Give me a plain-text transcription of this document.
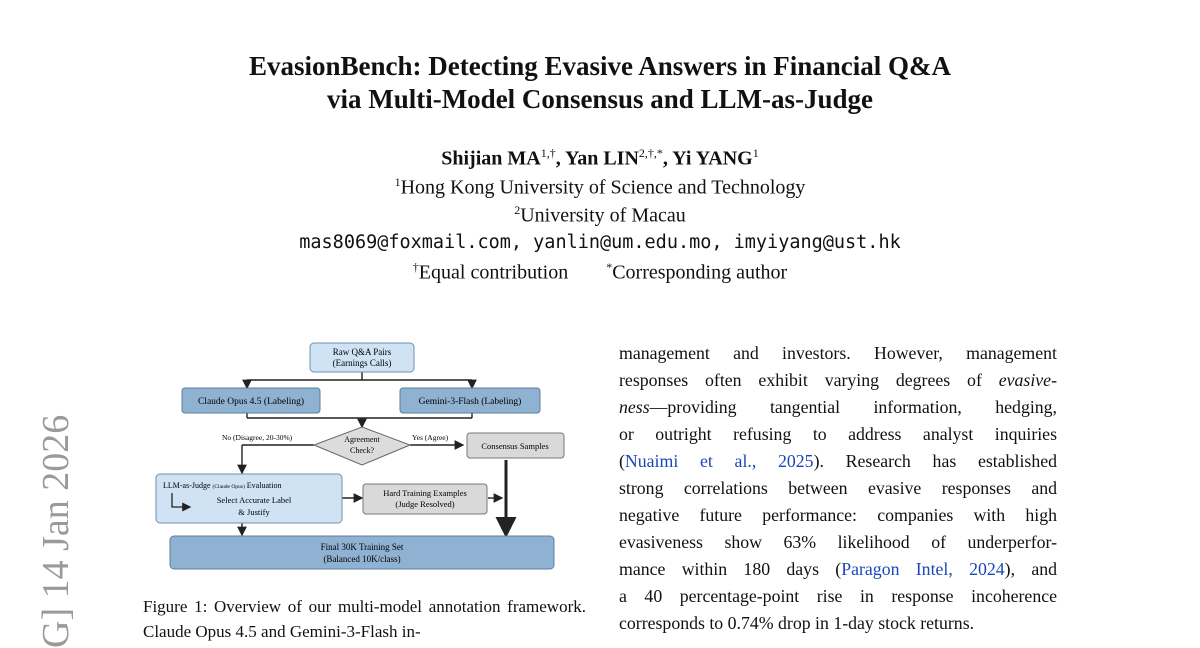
EvasionBench: Detecting Evasive Answers in Financial Q&A
via Multi-Model Consensus and LLM-as-Judge
Shijian $MA^{1,\dagger}$, Yan $LIN^{2,\dagger,*}$, Yi YANG$^1$
$^1$Hong Kong University of Science and Technology
$^2$University of Macau
mas8069@foxmail.com, yanlin@um.edu.mo, imyiyang@ust.hk
†Equal contribution	*Corresponding author
G] 14 Jan 2026
Raw Q&A Pairs
(Earnings Calls)
Claude Opus 4.5 (Labeling)	Gemini-3-Flash (Labeling)
Agreement
Check?
No (Disagree, 20-30%)	Yes (Agree)
Consensus Samples
LLM-as-Judge (Claude Opus) Evaluation
Select Accurate Label
& Justify
Hard Training Examples
(Judge Resolved)
Final 30K Training Set
(Balanced 10K/class)
Figure 1: Overview of our multi-model annotation framework. Claude Opus 4.5 and Gemini-3-Flash in-
management and investors. However, management
responses often exhibit varying degrees of evasive-
ness—providing tangential information, hedging,
or outright refusing to address analyst inquiries
(Nuaimi et al., 2025). Research has established
strong correlations between evasive responses and
negative future performance: companies with high
evasiveness show 63% likelihood of underperfor-
mance within 180 days (Paragon Intel, 2024), and
a 40 percentage-point rise in response incoherence
corresponds to 0.74% drop in 1-day stock returns.
